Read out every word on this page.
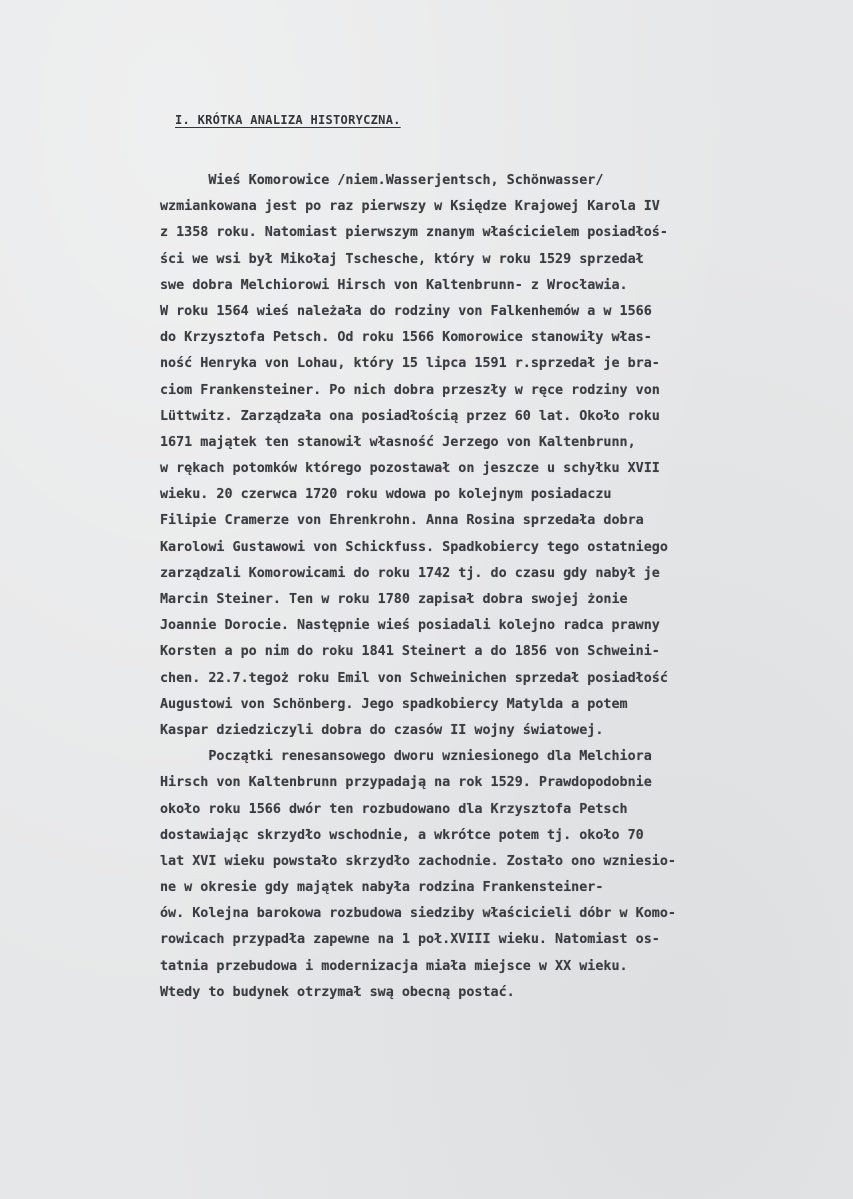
I. KRÓTKA ANALIZA HISTORYCZNA.
Wieś Komorowice /niem.Wasserjentsch, Schönwasser/
wzmiankowana jest po raz pierwszy w Księdze Krajowej Karola IV
z 1358 roku. Natomiast pierwszym znanym właścicielem posiadłoś-
ści we wsi był Mikołaj Tschesche, który w roku 1529 sprzedał
swe dobra Melchiorowi Hirsch von Kaltenbrunn- z Wrocławia.
W roku 1564 wieś należała do rodziny von Falkenhemów a w 1566
do Krzysztofa Petsch. Od roku 1566 Komorowice stanowiły włas-
ność Henryka von Lohau, który 15 lipca 1591 r.sprzedał je bra-
ciom Frankensteiner. Po nich dobra przeszły w ręce rodziny von
Lüttwitz. Zarządzała ona posiadłością przez 60 lat. Około roku
1671 majątek ten stanowił własność Jerzego von Kaltenbrunn,
w rękach potomków którego pozostawał on jeszcze u schyłku XVII
wieku. 20 czerwca 1720 roku wdowa po kolejnym posiadaczu
Filipie Cramerze von Ehrenkrohn. Anna Rosina sprzedała dobra
Karolowi Gustawowi von Schickfuss. Spadkobiercy tego ostatniego
zarządzali Komorowicami do roku 1742 tj. do czasu gdy nabył je
Marcin Steiner. Ten w roku 1780 zapisał dobra swojej żonie
Joannie Dorocie. Następnie wieś posiadali kolejno radca prawny
Korsten a po nim do roku 1841 Steinert a do 1856 von Schweini-
chen. 22.7.tegoż roku Emil von Schweinichen sprzedał posiadłość
Augustowi von Schönberg. Jego spadkobiercy Matylda a potem
Kaspar dziedziczyli dobra do czasów II wojny światowej.
Początki renesansowego dworu wzniesionego dla Melchiora
Hirsch von Kaltenbrunn przypadają na rok 1529. Prawdopodobnie
około roku 1566 dwór ten rozbudowano dla Krzysztofa Petsch
dostawiając skrzydło wschodnie, a wkrótce potem tj. około 70
lat XVI wieku powstało skrzydło zachodnie. Zostało ono wzniesio-
ne w okresie gdy majątek nabyła rodzina Frankensteiner-
ów. Kolejna barokowa rozbudowa siedziby właścicieli dóbr w Komo-
rowicach przypadła zapewne na 1 poł.XVIII wieku. Natomiast os-
tatnia przebudowa i modernizacja miała miejsce w XX wieku.
Wtedy to budynek otrzymał swą obecną postać.
